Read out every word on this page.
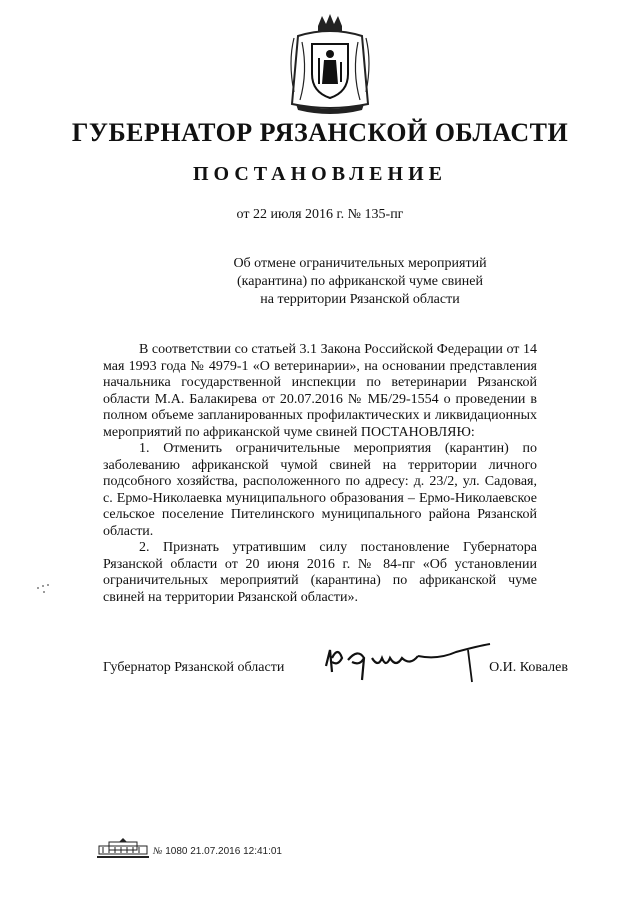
ГУБЕРНАТОР РЯЗАНСКОЙ ОБЛАСТИ
ПОСТАНОВЛЕНИЕ
от 22 июля 2016 г. № 135-пг
Об отмене ограничительных мероприятий
(карантина) по африканской чуме свиней
на территории Рязанской области

В соответствии со статьей 3.1 Закона Российской Федерации от 14 мая 1993 года № 4979-1 «О ветеринарии», на основании представления начальника государственной инспекции по ветеринарии Рязанской области М.А. Балакирева от 20.07.2016 № МБ/29-1554 о проведении в полном объеме запланированных профилактических и ликвидационных мероприятий по африканской чуме свиней ПОСТАНОВЛЯЮ:

1. Отменить ограничительные мероприятия (карантин) по заболеванию африканской чумой свиней на территории личного подсобного хозяйства, расположенного по адресу: д. 23/2, ул. Садовая, с. Ермо-Николаевка муниципального образования – Ермо-Николаевское сельское поселение Пителинского муниципального района Рязанской области.

2. Признать утратившим силу постановление Губернатора Рязанской области от 20 июня 2016 г. № 84-пг «Об установлении ограничительных мероприятий (карантина) по африканской чуме свиней на территории Рязанской области».

Губернатор Рязанской области	О.И. Ковалев
№ 1080 21.07.2016 12:41:01
